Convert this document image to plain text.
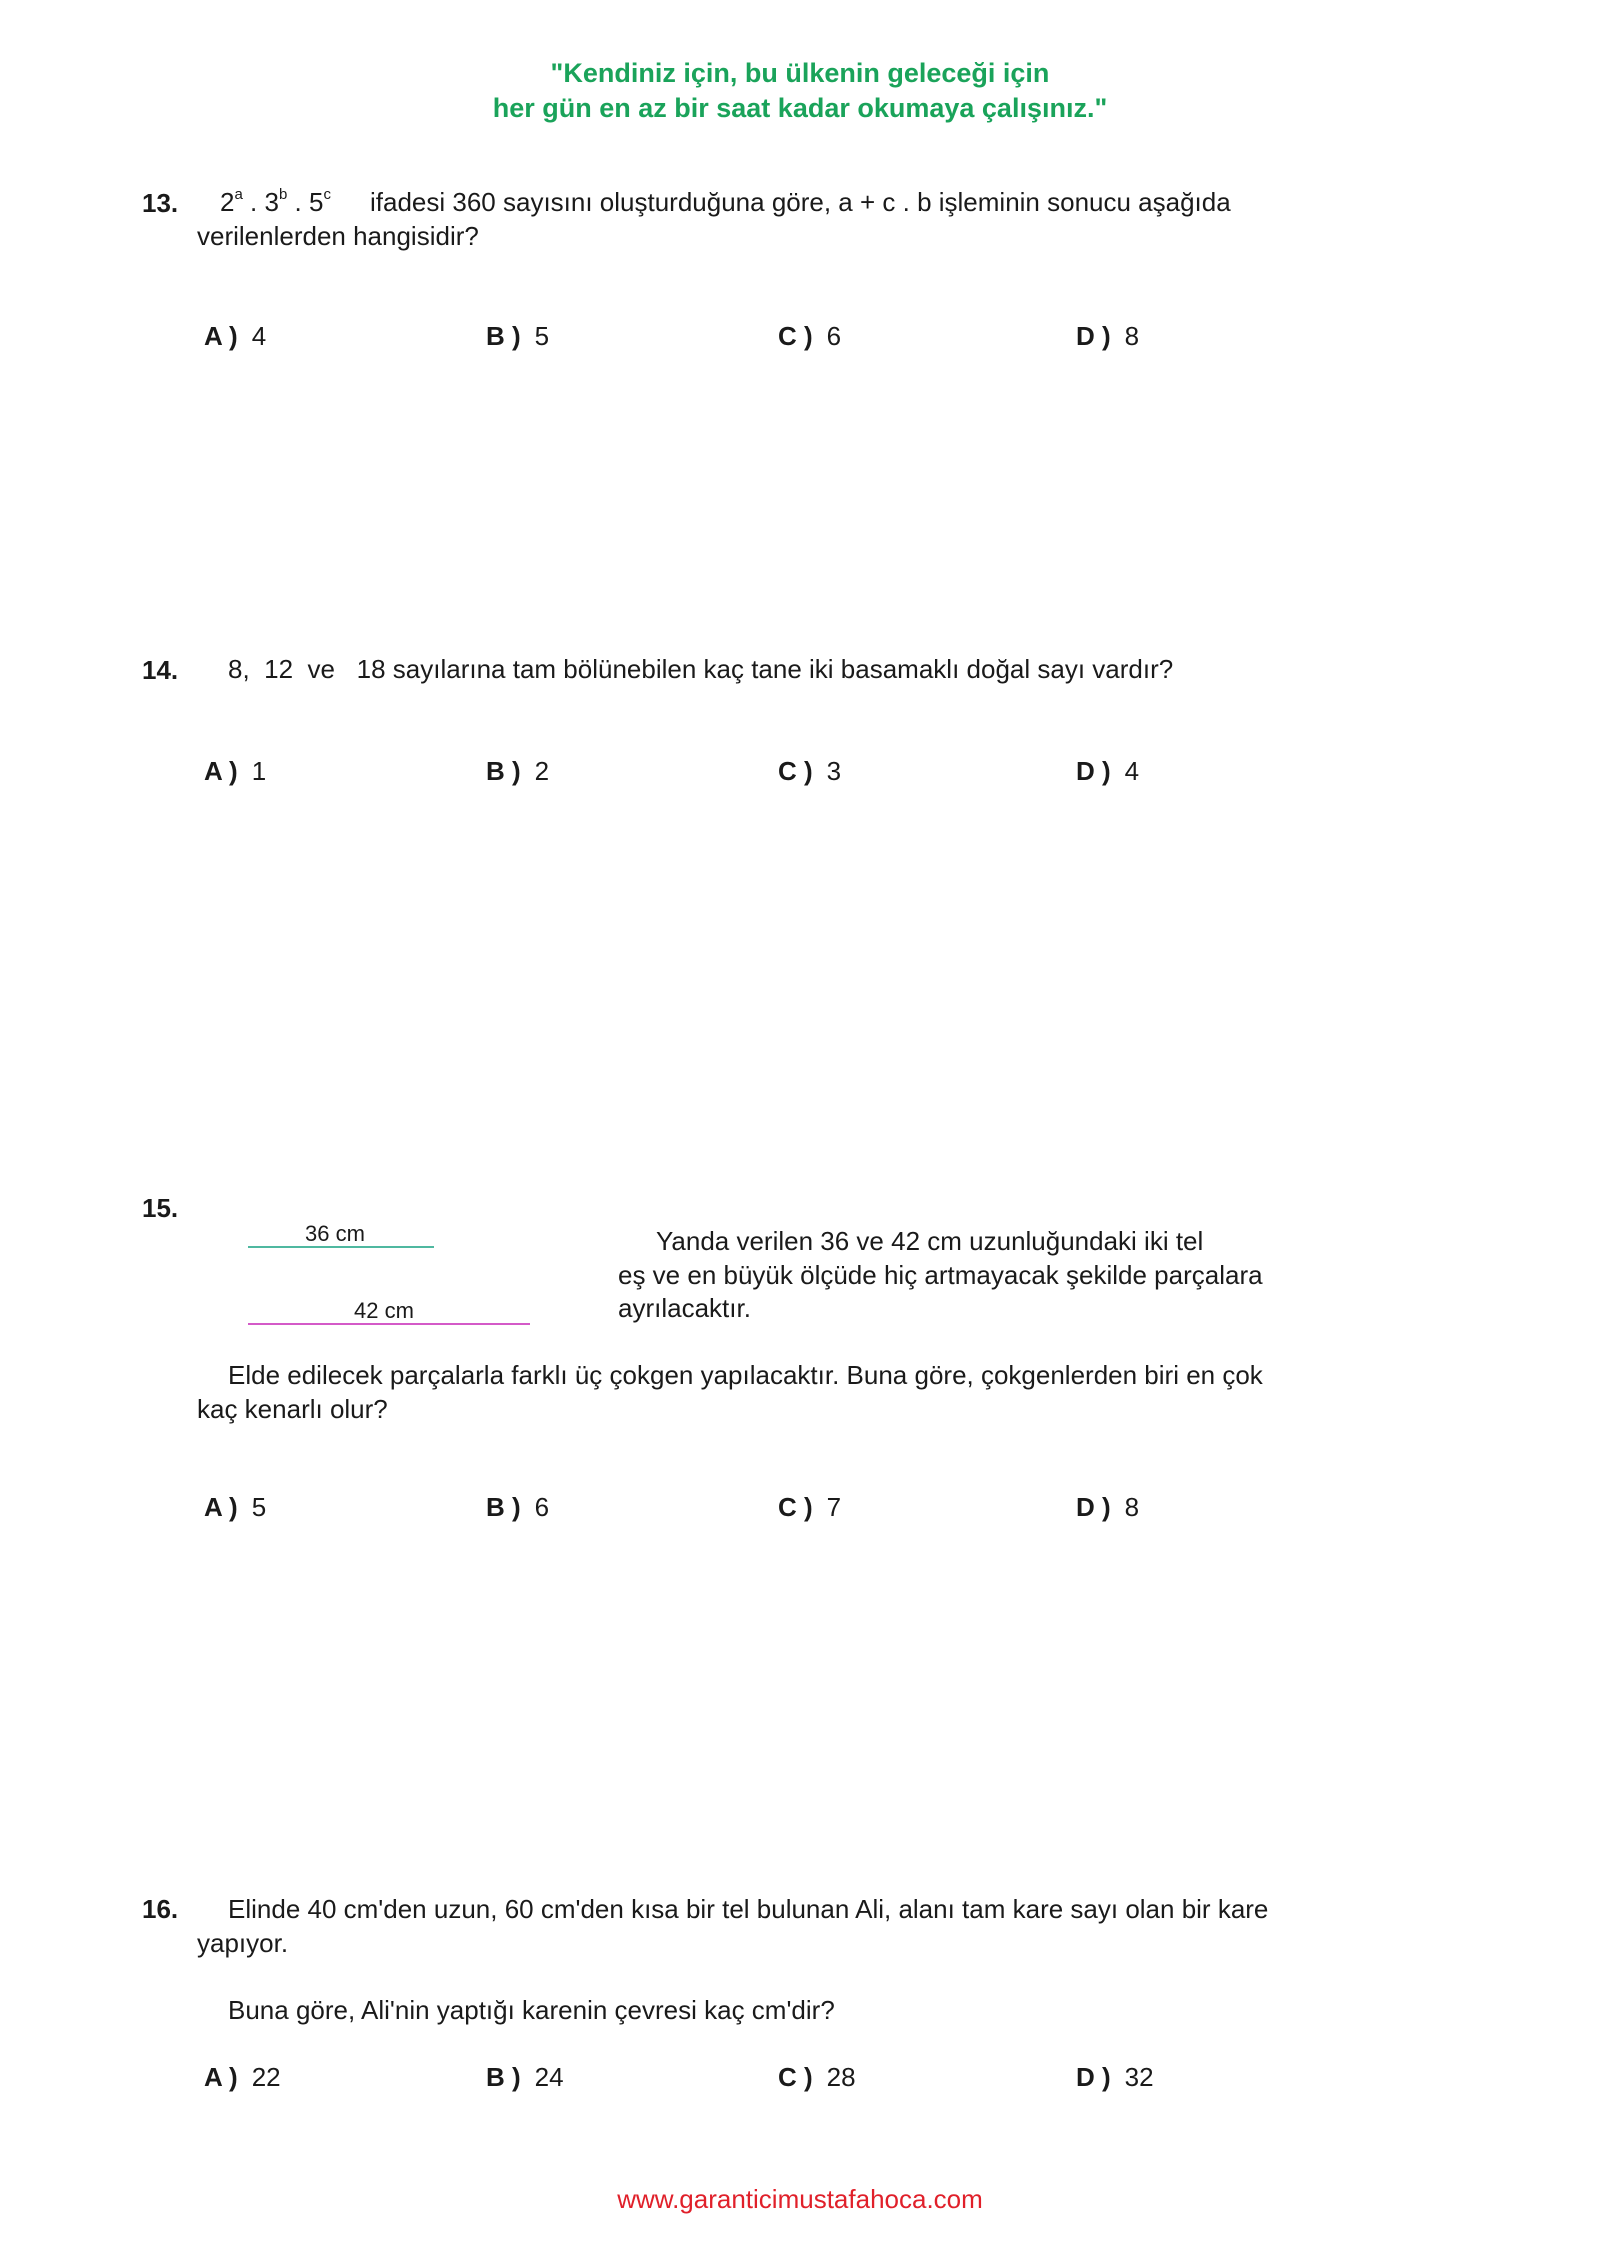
"Kendiniz için, bu ülkenin geleceği için
her gün en az bir saat kadar okumaya çalışınız."
13. 2$^a$ . 3$^b$ . 5$^c$ ifadesi 360 sayısını oluşturduğuna göre, a + c . b işleminin sonucu aşağıda
verilenlerden hangisidir?
A ) 4	B ) 5	C ) 6	D ) 8
14. 8,  12  ve   18 sayılarına tam bölünebilen kaç tane iki basamaklı doğal sayı vardır?
A ) 1	B ) 2	C ) 3	D ) 4
15.
36 cm
42 cm
Yanda verilen 36 ve 42 cm uzunluğundaki iki tel
eş ve en büyük ölçüde hiç artmayacak şekilde parçalara
ayrılacaktır.
Elde edilecek parçalarla farklı üç çokgen yapılacaktır. Buna göre, çokgenlerden biri en çok
kaç kenarlı olur?
A ) 5	B ) 6	C ) 7	D ) 8
16. Elinde 40 cm'den uzun, 60 cm'den kısa bir tel bulunan Ali, alanı tam kare sayı olan bir kare
yapıyor.
Buna göre, Ali'nin yaptığı karenin çevresi kaç cm'dir?
A ) 22	B ) 24	C ) 28	D ) 32
www.garanticimustafahoca.com
